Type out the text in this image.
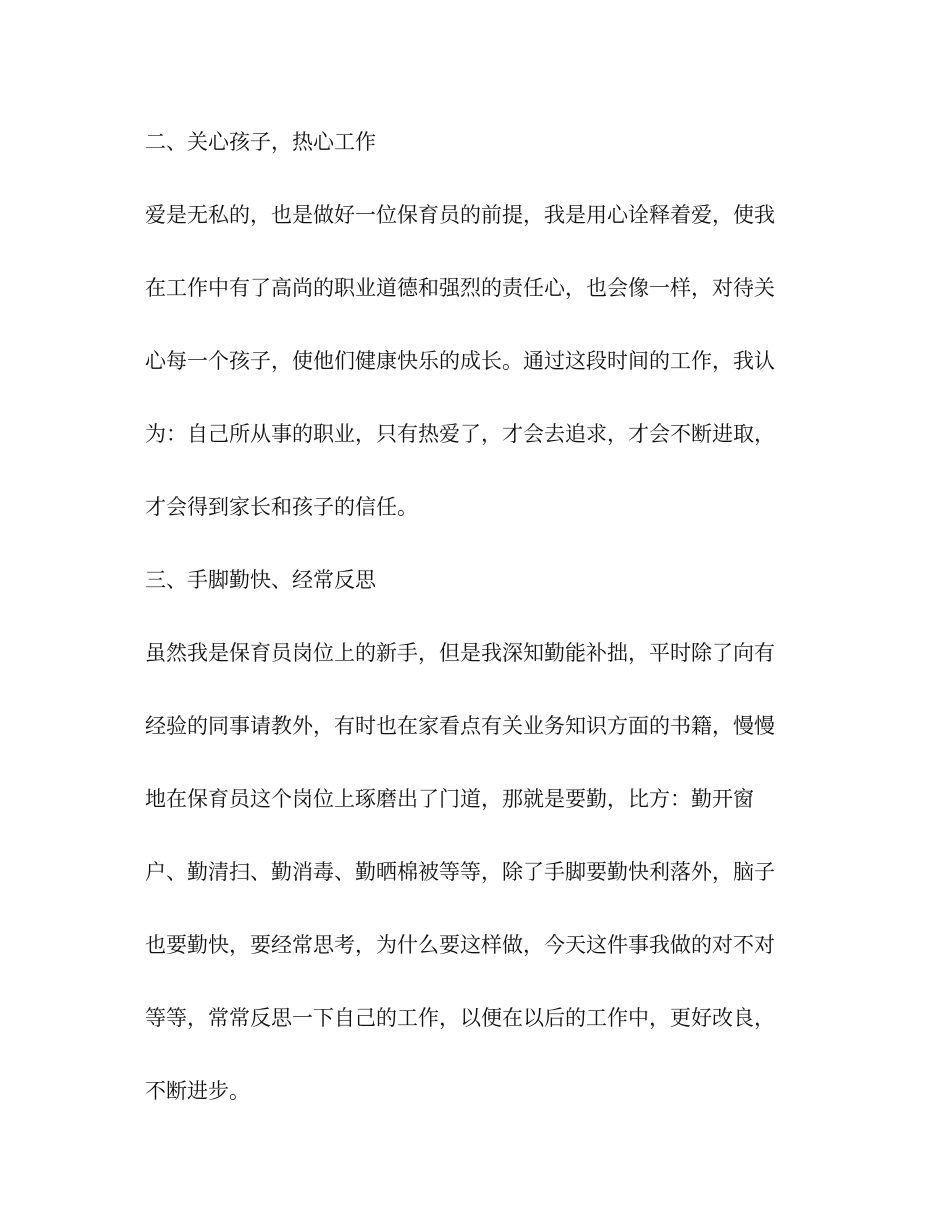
二、关心孩子，热心工作

爱是无私的，也是做好一位保育员的前提，我是用心诠释着爱，使我

在工作中有了高尚的职业道德和强烈的责任心，也会像一样，对待关

心每一个孩子，使他们健康快乐的成长。通过这段时间的工作，我认

为：自己所从事的职业，只有热爱了，才会去追求，才会不断进取，

才会得到家长和孩子的信任。

三、手脚勤快、经常反思

虽然我是保育员岗位上的新手，但是我深知勤能补拙，平时除了向有

经验的同事请教外，有时也在家看点有关业务知识方面的书籍，慢慢

地在保育员这个岗位上琢磨出了门道，那就是要勤，比方：勤开窗

户、勤清扫、勤消毒、勤晒棉被等等，除了手脚要勤快利落外，脑子

也要勤快，要经常思考，为什么要这样做，今天这件事我做的对不对

等等，常常反思一下自己的工作，以便在以后的工作中，更好改良，

不断进步。
